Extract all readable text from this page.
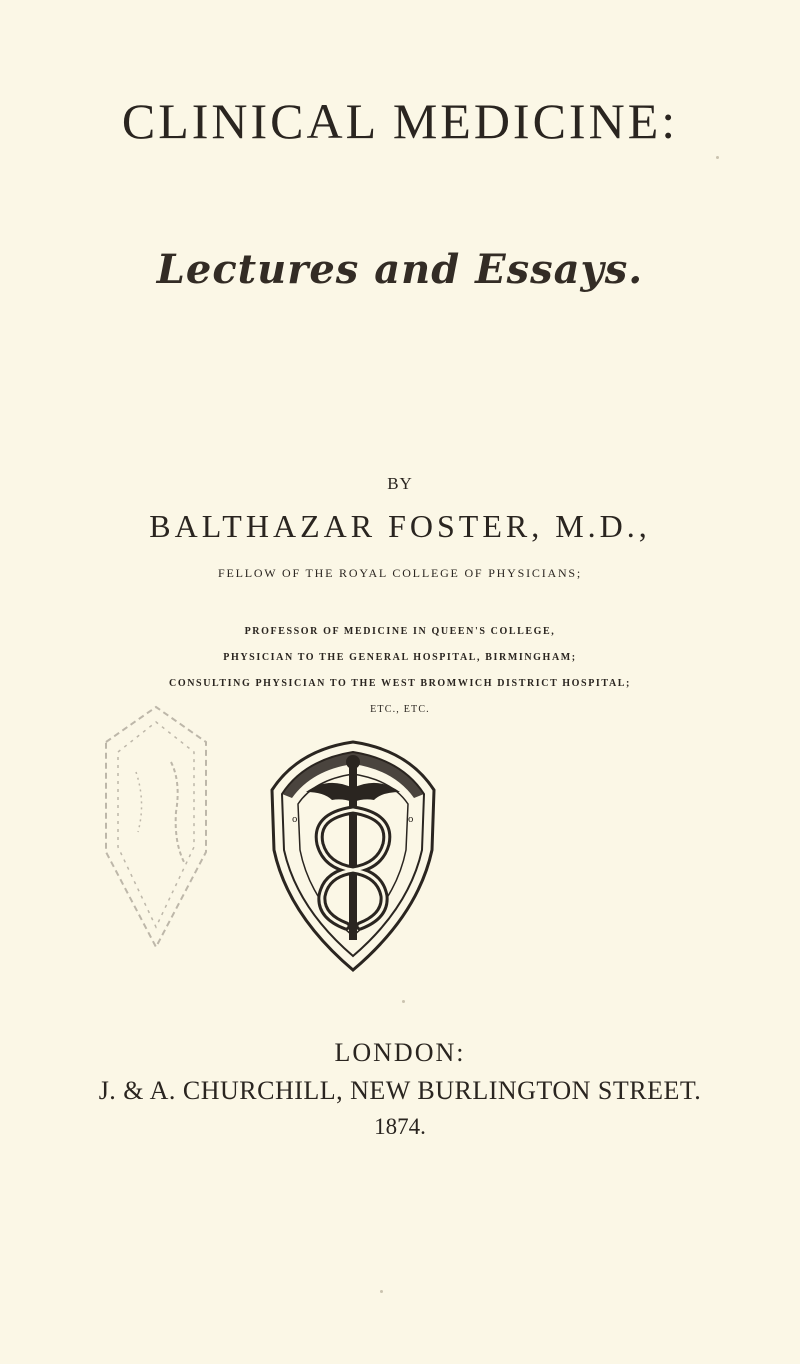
CLINICAL MEDICINE:
Lectures and Essays.
BY
BALTHAZAR FOSTER, M.D.,
FELLOW OF THE ROYAL COLLEGE OF PHYSICIANS;
PROFESSOR OF MEDICINE IN QUEEN'S COLLEGE,
PHYSICIAN TO THE GENERAL HOSPITAL, BIRMINGHAM;
CONSULTING PHYSICIAN TO THE WEST BROMWICH DISTRICT HOSPITAL;
ETC., ETC.
o	o
LONDON:
J. & A. CHURCHILL, NEW BURLINGTON STREET.
1874.
